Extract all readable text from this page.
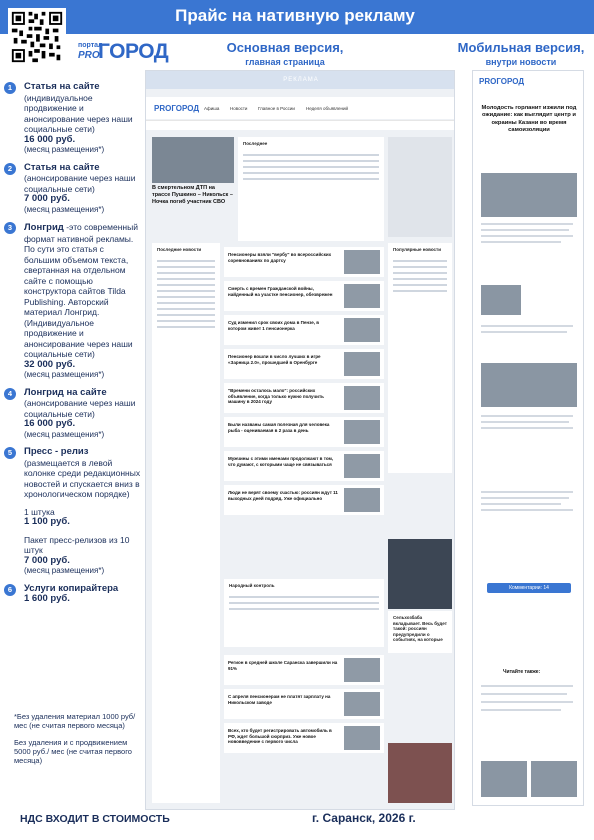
Прайс на нативную рекламу
портал
PRO
ГОРОД	Основная версия,
главная страница
Мобильная версия,
внутри новости
1	Статья на сайте
(индивидуальное продвижение и анонсирование через наши социальные сети)
16 000 руб.
(месяц размещения*)
2	Статья на сайте
(анонсирование через наши социальные сети)
7 000 руб.
(месяц размещения*)
3	Лонгрид -это современный формат нативной рекламы. По сути это статья с большим объемом текста, свертанная на отдельном сайте с помощью конструктора сайтов Tilda Publishing. Авторский материал Лонгрид. (Индивидуальное продвижение и анонсирование через наши социальные сети)
32 000 руб.
(месяц размещения*)
4	Лонгрид на сайте
(анонсирование через наши социальные сети)
16 000 руб.
(месяц размещения*)
5	Пресс - релиз
(размещается в левой колонке среди редакционных новостей и спускается вниз в хронологическом порядке)
1 штука
1 100 руб.
Пакет пресс-релизов из 10 штук
7 000 руб.
(месяц размещения*)
6	Услуги копирайтера
1 600 руб.
*Без удаления материал 1000 руб/ мес (не считая первого месяца)
Без удаления и с продвижением 5000 руб./ мес (не считая первого месяца)
НДС ВХОДИТ В СТОИМОСТЬ	г. Саранск, 2026 г.
РЕКЛАМА
PROГОРОД Афиша Новости Главное в России Неделя объявлений
В смертельном ДТП на трассе Пушкино – Никольск – Ночка погиб участник СВО
Последнее
Последние новости
Пенсионеры взяли "вербу" во всероссийских соревнованиях по дартсу
Смерть с времен Гражданской войны, найденный на участке пенсионер, обезврежен
Суд изменил срок своих дома в Пензе, в котором живет 1 пенсионерка
Пенсионер вошли в число лучших в игре «Зарница 2.0», прошедшей в Оренбурге
"Времени осталось мало": российских объявление, когда только нужно получить машину в 2024 году
Были названы самая полезная для человека рыба - оцениваемая в 2 раза в день
Мужчины с этими именами продолжают в том, что думают, с которыми чаще не связываться
Люди не верят своему счастью: россиян ждут 11 выходных дней подряд. Уже официально
Популярные новости
Сельхозбаба вкладывает. Весь будет такой: россиян предупредили о событиях, на которые
Народный контроль
Регион в средней школе Саранска завершили на 91%
С апреля пенсионерам не платят зарплату на Никольском заводе
Всех, кто будет регистрировать автомобиль в РФ, ждет большой сюрприз. Уже новое нововведение с первого числа
PROГОРОД
Молодость горланит изжили под ожидание: как выглядит центр и окраины Казани во время самоизоляции
Комментарии: 14
Читайте также:
